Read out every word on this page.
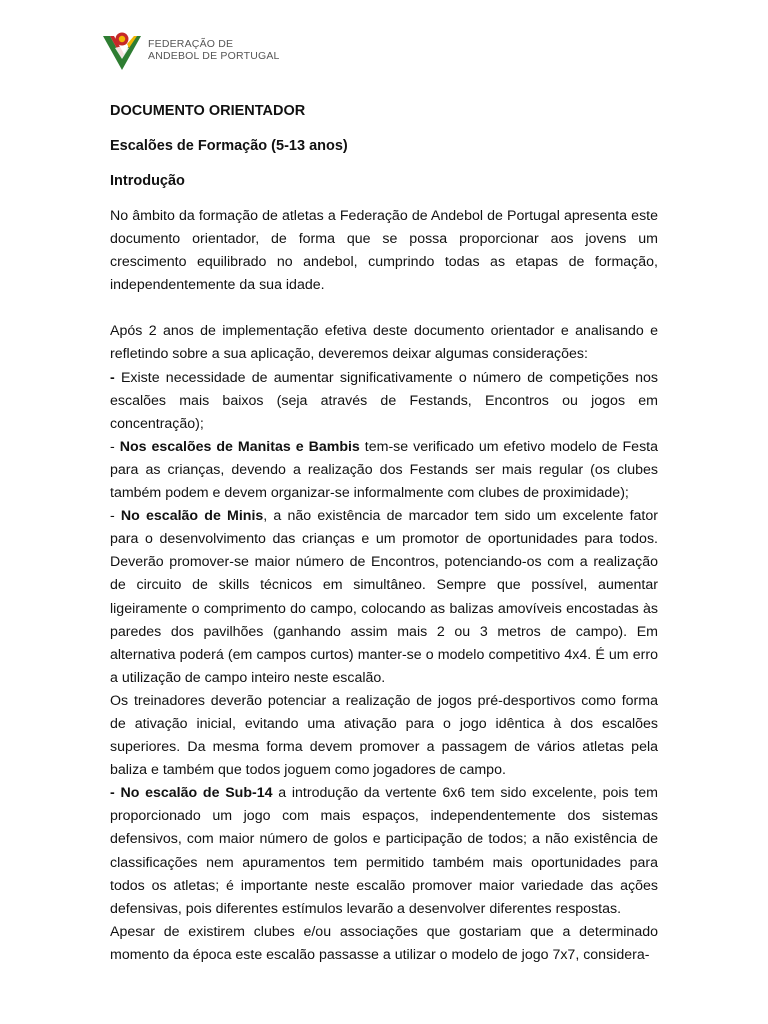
FEDERAÇÃO DE
ANDEBOL DE PORTUGAL
DOCUMENTO ORIENTADOR
Escalões de Formação (5-13 anos)
Introdução

No âmbito da formação de atletas a Federação de Andebol de Portugal apresenta este documento orientador, de forma que se possa proporcionar aos jovens um crescimento equilibrado no andebol, cumprindo todas as etapas de formação, independentemente da sua idade.

Após 2 anos de implementação efetiva deste documento orientador e analisando e refletindo sobre a sua aplicação, deveremos deixar algumas considerações:

- Existe necessidade de aumentar significativamente o número de competições nos escalões mais baixos (seja através de Festands, Encontros ou jogos em concentração);

- Nos escalões de Manitas e Bambis tem-se verificado um efetivo modelo de Festa para as crianças, devendo a realização dos Festands ser mais regular (os clubes também podem e devem organizar-se informalmente com clubes de proximidade);

- No escalão de Minis, a não existência de marcador tem sido um excelente fator para o desenvolvimento das crianças e um promotor de oportunidades para todos. Deverão promover-se maior número de Encontros, potenciando-os com a realização de circuito de skills técnicos em simultâneo. Sempre que possível, aumentar ligeiramente o comprimento do campo, colocando as balizas amovíveis encostadas às paredes dos pavilhões (ganhando assim mais 2 ou 3 metros de campo). Em alternativa poderá (em campos curtos) manter-se o modelo competitivo 4x4. É um erro a utilização de campo inteiro neste escalão.

Os treinadores deverão potenciar a realização de jogos pré-desportivos como forma de ativação inicial, evitando uma ativação para o jogo idêntica à dos escalões superiores. Da mesma forma devem promover a passagem de vários atletas pela baliza e também que todos joguem como jogadores de campo.

- No escalão de Sub-14 a introdução da vertente 6x6 tem sido excelente, pois tem proporcionado um jogo com mais espaços, independentemente dos sistemas defensivos, com maior número de golos e participação de todos; a não existência de classificações nem apuramentos tem permitido também mais oportunidades para todos os atletas; é importante neste escalão promover maior variedade das ações defensivas, pois diferentes estímulos levarão a desenvolver diferentes respostas.

Apesar de existirem clubes e/ou associações que gostariam que a determinado momento da época este escalão passasse a utilizar o modelo de jogo 7x7, considera-
